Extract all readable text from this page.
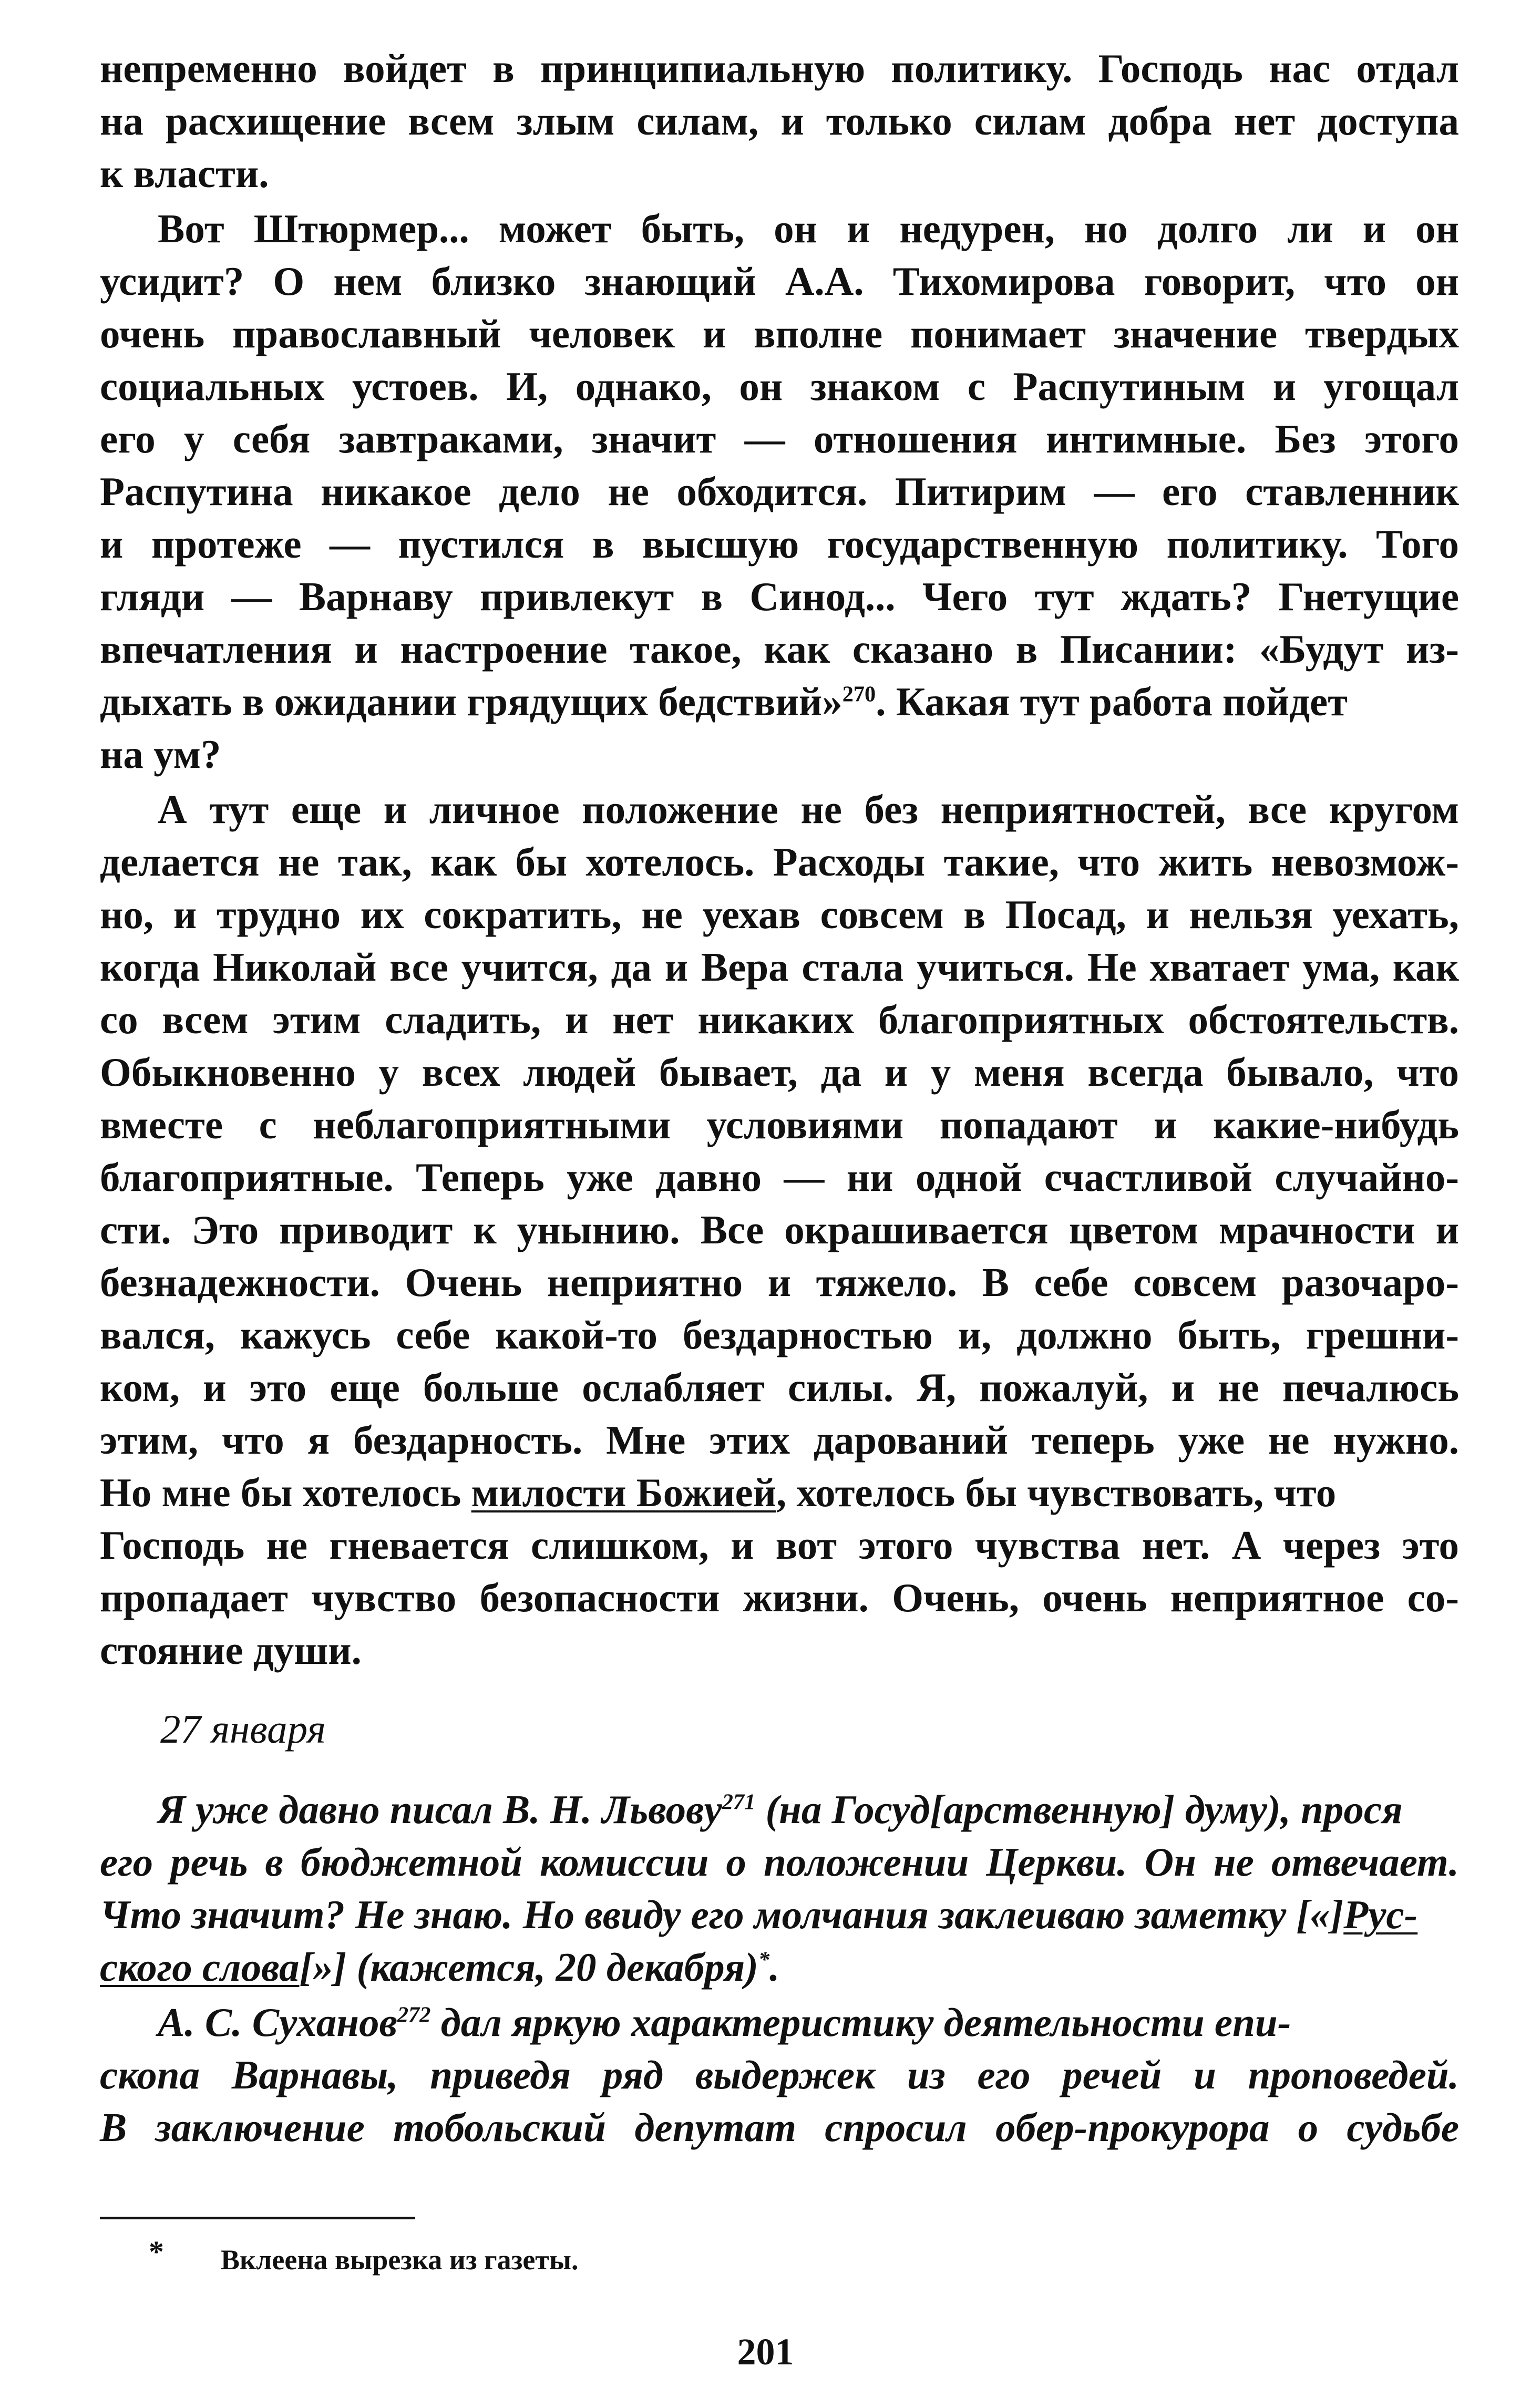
непременно войдет в принципиальную политику. Господь нас отдал
на расхищение всем злым силам, и только силам добра нет доступа
к власти.
Вот Штюрмер... может быть, он и недурен, но долго ли и он
усидит? О нем близко знающий А.А. Тихомирова говорит, что он
очень православный человек и вполне понимает значение твердых
социальных устоев. И, однако, он знаком с Распутиным и угощал
его у себя завтраками, значит — отношения интимные. Без этого
Распутина никакое дело не обходится. Питирим — его ставленник
и протеже — пустился в высшую государственную политику. Того
гляди — Варнаву привлекут в Синод... Чего тут ждать? Гнетущие
впечатления и настроение такое, как сказано в Писании: «Будут из-
дыхать в ожидании грядущих бедствий»$^{270}$. Какая тут работа пойдет
на ум?
А тут еще и личное положение не без неприятностей, все кругом
делается не так, как бы хотелось. Расходы такие, что жить невозмож-
но, и трудно их сократить, не уехав совсем в Посад, и нельзя уехать,
когда Николай все учится, да и Вера стала учиться. Не хватает ума, как
со всем этим сладить, и нет никаких благоприятных обстоятельств.
Обыкновенно у всех людей бывает, да и у меня всегда бывало, что
вместе с неблагоприятными условиями попадают и какие-нибудь
благоприятные. Теперь уже давно — ни одной счастливой случайно-
сти. Это приводит к унынию. Все окрашивается цветом мрачности и
безнадежности. Очень неприятно и тяжело. В себе совсем разочаро-
вался, кажусь себе какой-то бездарностью и, должно быть, грешни-
ком, и это еще больше ослабляет силы. Я, пожалуй, и не печалюсь
этим, что я бездарность. Мне этих дарований теперь уже не нужно.
Но мне бы хотелось милости Божией, хотелось бы чувствовать, что
Господь не гневается слишком, и вот этого чувства нет. А через это
пропадает чувство безопасности жизни. Очень, очень неприятное со-
стояние души.
27 января
Я уже давно писал В. Н. Львову$^{271}$ (на Госуд[арственную] думу), прося
его речь в бюджетной комиссии о положении Церкви. Он не отвечает.
Что значит? Не знаю. Но ввиду его молчания заклеиваю заметку [«]Рус-
ского слова[»] (кажется, 20 декабря)*.
А. С. Суханов$^{272}$ дал яркую характеристику деятельности епи-
скопа Варнавы, приведя ряд выдержек из его речей и проповедей.
В заключение тобольский депутат спросил обер-прокурора о судьбе
* Вклеена вырезка из газеты.
201
